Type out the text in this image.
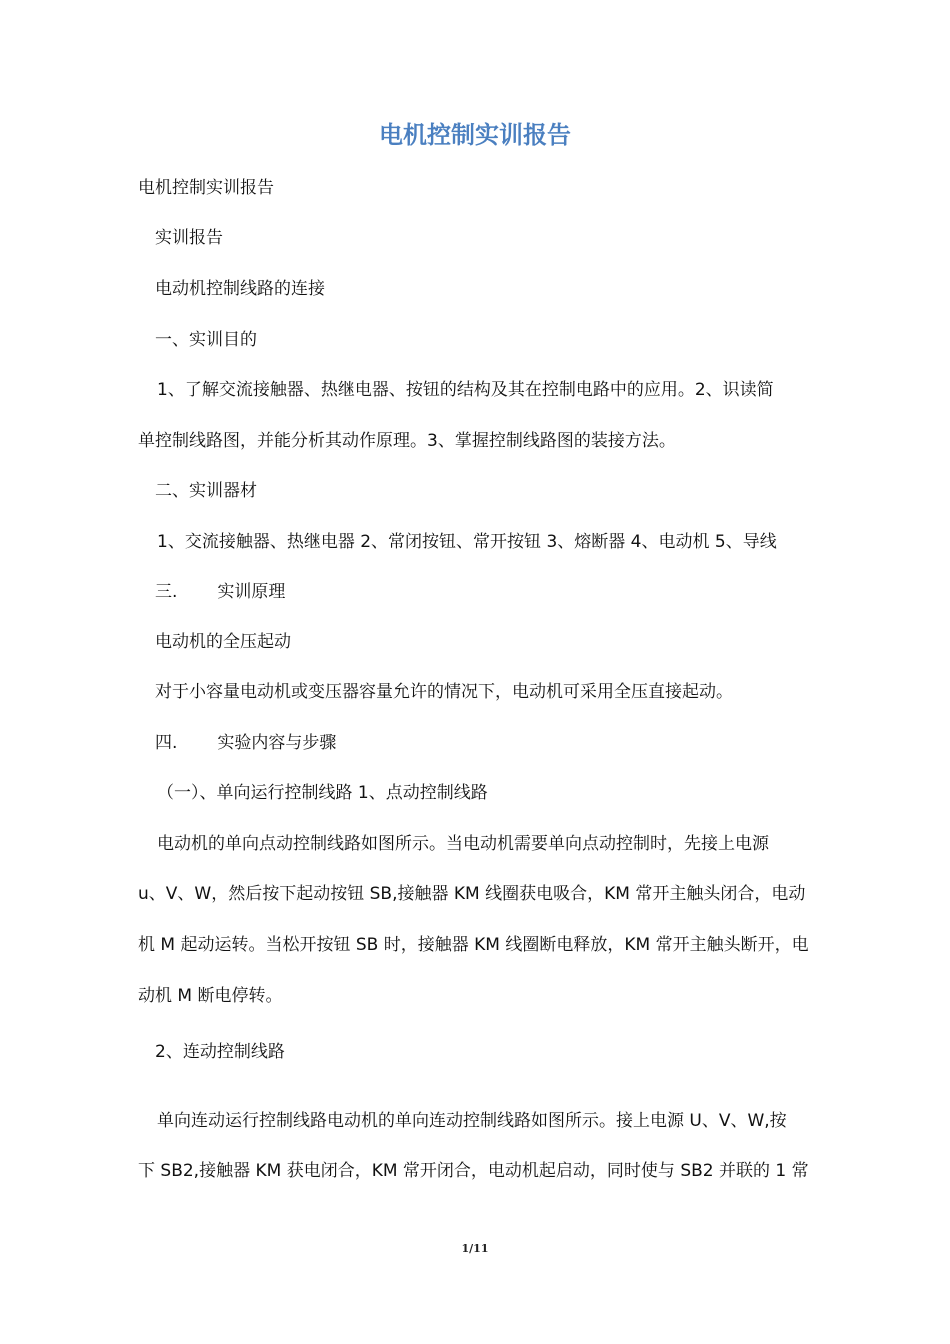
电机控制实训报告

电机控制实训报告

实训报告

电动机控制线路的连接

一、实训目的

1、了解交流接触器、热继电器、按钮的结构及其在控制电路中的应用。2、识读简

单控制线路图，并能分析其动作原理。3、掌握控制线路图的装接方法。

二、实训器材

1、交流接触器、热继电器 2、常闭按钮、常开按钮 3、熔断器 4、电动机 5、导线

三. 实训原理

电动机的全压起动

对于小容量电动机或变压器容量允许的情况下，电动机可采用全压直接起动。

四. 实验内容与步骤

（一）、单向运行控制线路 1、点动控制线路

电动机的单向点动控制线路如图所示。当电动机需要单向点动控制时，先接上电源

u、V、W，然后按下起动按钮 SB,接触器 KM 线圈获电吸合，KM 常开主触头闭合，电动

机 M 起动运转。当松开按钮 SB 时，接触器 KM 线圈断电释放，KM 常开主触头断开，电

动机 M 断电停转。

2、连动控制线路

单向连动运行控制线路电动机的单向连动控制线路如图所示。接上电源 U、V、W,按

下 SB2,接触器 KM 获电闭合，KM 常开闭合，电动机起启动，同时使与 SB2 并联的 1 常

1/11
